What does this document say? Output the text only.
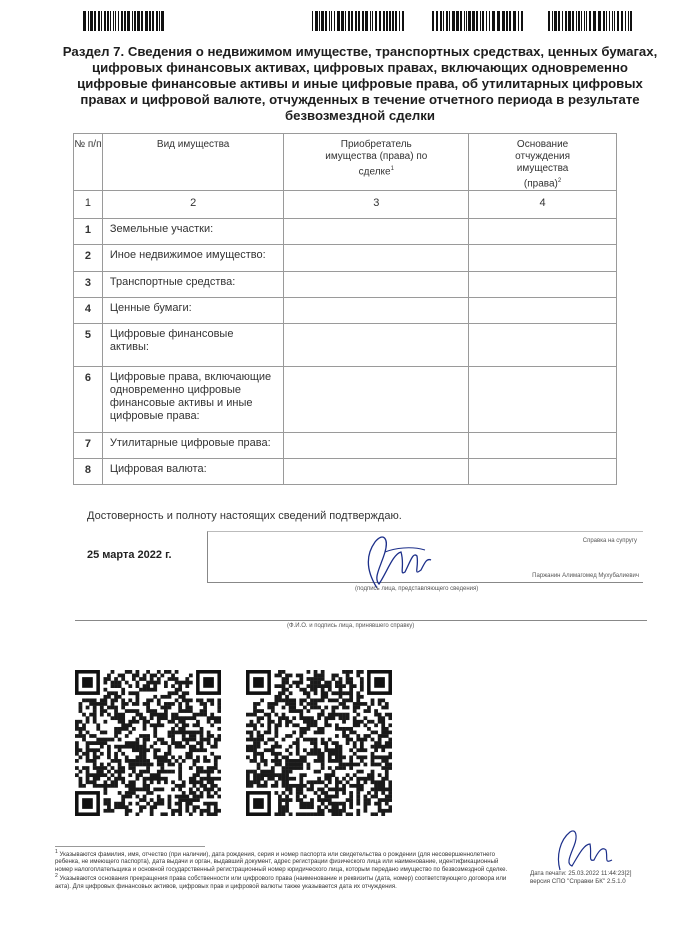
Раздел 7. Сведения о недвижимом имуществе, транспортных средствах, ценных бумагах, цифровых финансовых активах, цифровых правах, включающих одновременно цифровые финансовые активы и иные цифровые права, об утилитарных цифровых правах и цифровой валюте, отчужденных в течение отчетного периода в результате безвозмездной сделки
№ п/п	Вид имущества	Приобретатель имущества (права) по сделке$^1$	Основание отчуждения имущества (права)$^2$
1	2	3	4
1	Земельные участки:		
2	Иное недвижимое имущество:		
3	Транспортные средства:		
4	Ценные бумаги:		
5	Цифровые финансовые активы:		
6	Цифровые права, включающие одновременно цифровые финансовые активы и иные цифровые права:		
7	Утилитарные цифровые права:		
8	Цифровая валюта:		
Достоверность и полноту настоящих сведений подтверждаю.
25 марта 2022 г.
Справка на супругу
Паржанин Алимагомед Мухубалиевич
(подпись лица, представляющего сведения)
(Ф.И.О. и подпись лица, принявшего справку)

$^1$ Указываются фамилия, имя, отчество (при наличии), дата рождения, серия и номер паспорта или свидетельства о рождении (для несовершеннолетнего ребенка, не имеющего паспорта), дата выдачи и орган, выдавший документ, адрес регистрации физического лица или наименование, идентификационный номер налогоплательщика и основной государственный регистрационный номер юридического лица, которым передано имущество по безвозмездной сделке.

$^2$ Указываются основания прекращения права собственности или цифрового права (наименование и реквизиты (дата, номер) соответствующего договора или акта). Для цифровых финансовых активов, цифровых прав и цифровой валюты также указывается дата их отчуждения.

Дата печати: 25.03.2022 11:44:23[2]
версия СПО "Справки БК" 2.5.1.0
